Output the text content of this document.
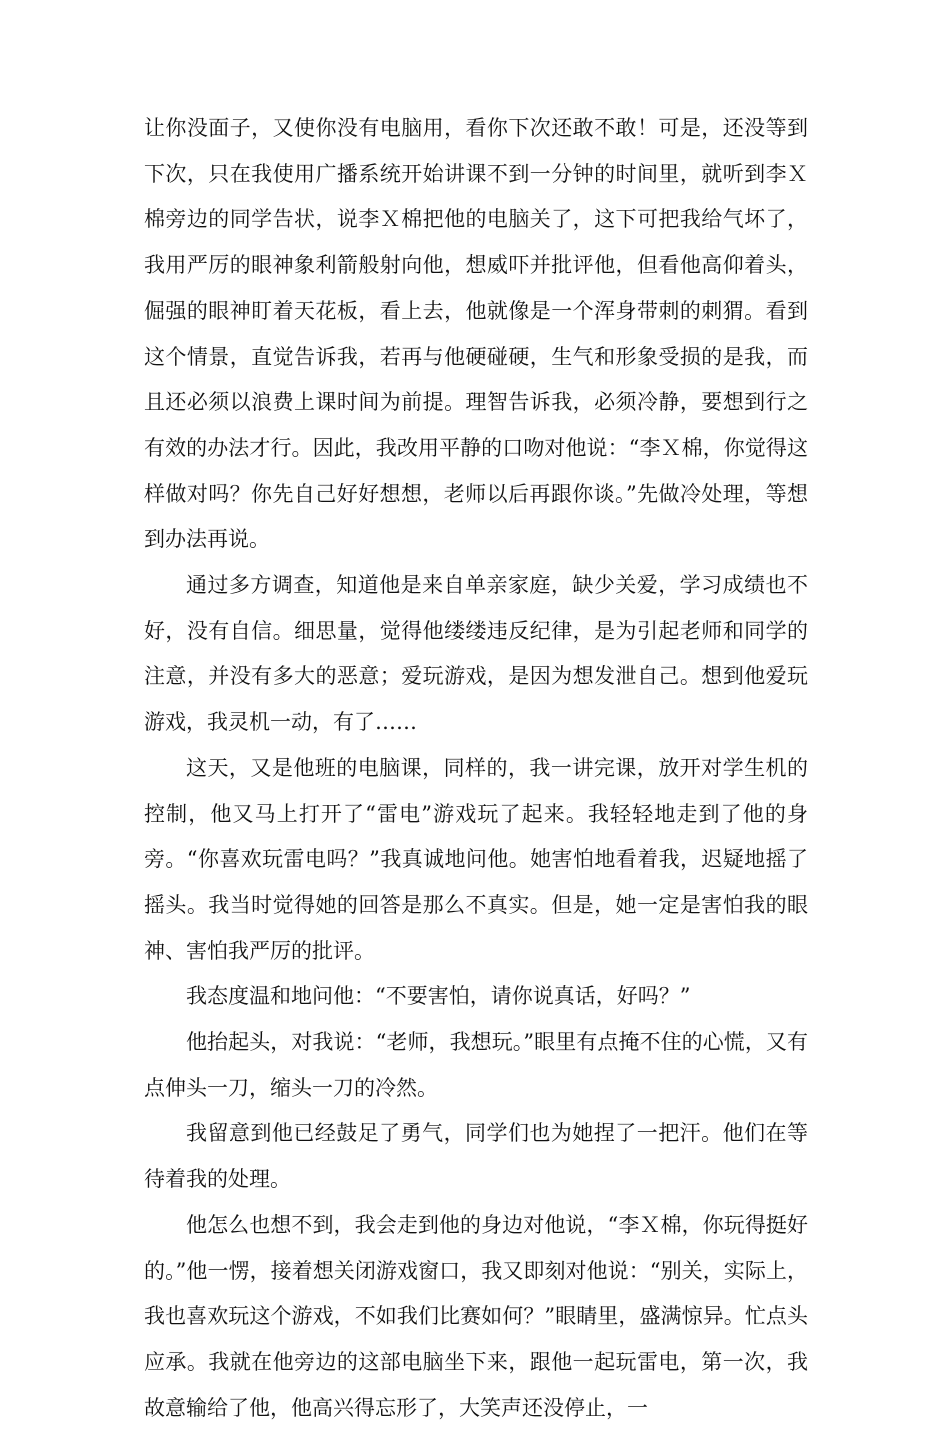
让你没面子，又使你没有电脑用，看你下次还敢不敢！可是，还没等到下次，只在我使用广播系统开始讲课不到一分钟的时间里，就听到李Ｘ棉旁边的同学告状，说李Ｘ棉把他的电脑关了，这下可把我给气坏了，我用严厉的眼神象利箭般射向他，想威吓并批评他，但看他高仰着头，倔强的眼神盯着天花板，看上去，他就像是一个浑身带刺的刺猬。看到这个情景，直觉告诉我，若再与他硬碰硬，生气和形象受损的是我，而且还必须以浪费上课时间为前提。理智告诉我，必须冷静，要想到行之有效的办法才行。因此，我改用平静的口吻对他说：“李Ｘ棉，你觉得这样做对吗？你先自己好好想想，老师以后再跟你谈。”先做冷处理，等想到办法再说。

通过多方调查，知道他是来自单亲家庭，缺少关爱，学习成绩也不好，没有自信。细思量，觉得他缕缕违反纪律，是为引起老师和同学的注意，并没有多大的恶意；爱玩游戏，是因为想发泄自己。想到他爱玩游戏，我灵机一动，有了……

这天，又是他班的电脑课，同样的，我一讲完课，放开对学生机的控制，他又马上打开了“雷电”游戏玩了起来。我轻轻地走到了他的身旁。“你喜欢玩雷电吗？”我真诚地问他。她害怕地看着我，迟疑地摇了摇头。我当时觉得她的回答是那么不真实。但是，她一定是害怕我的眼神、害怕我严厉的批评。

我态度温和地问他：“不要害怕，请你说真话，好吗？”

他抬起头，对我说：“老师，我想玩。”眼里有点掩不住的心慌，又有点伸头一刀，缩头一刀的冷然。

我留意到他已经鼓足了勇气，同学们也为她捏了一把汗。他们在等待着我的处理。

他怎么也想不到，我会走到他的身边对他说，“李Ｘ棉，你玩得挺好的。”他一愣，接着想关闭游戏窗口，我又即刻对他说：“别关，实际上，我也喜欢玩这个游戏，不如我们比赛如何？”眼睛里，盛满惊异。忙点头应承。我就在他旁边的这部电脑坐下来，跟他一起玩雷电，第一次，我故意输给了他，他高兴得忘形了，大笑声还没停止，一
